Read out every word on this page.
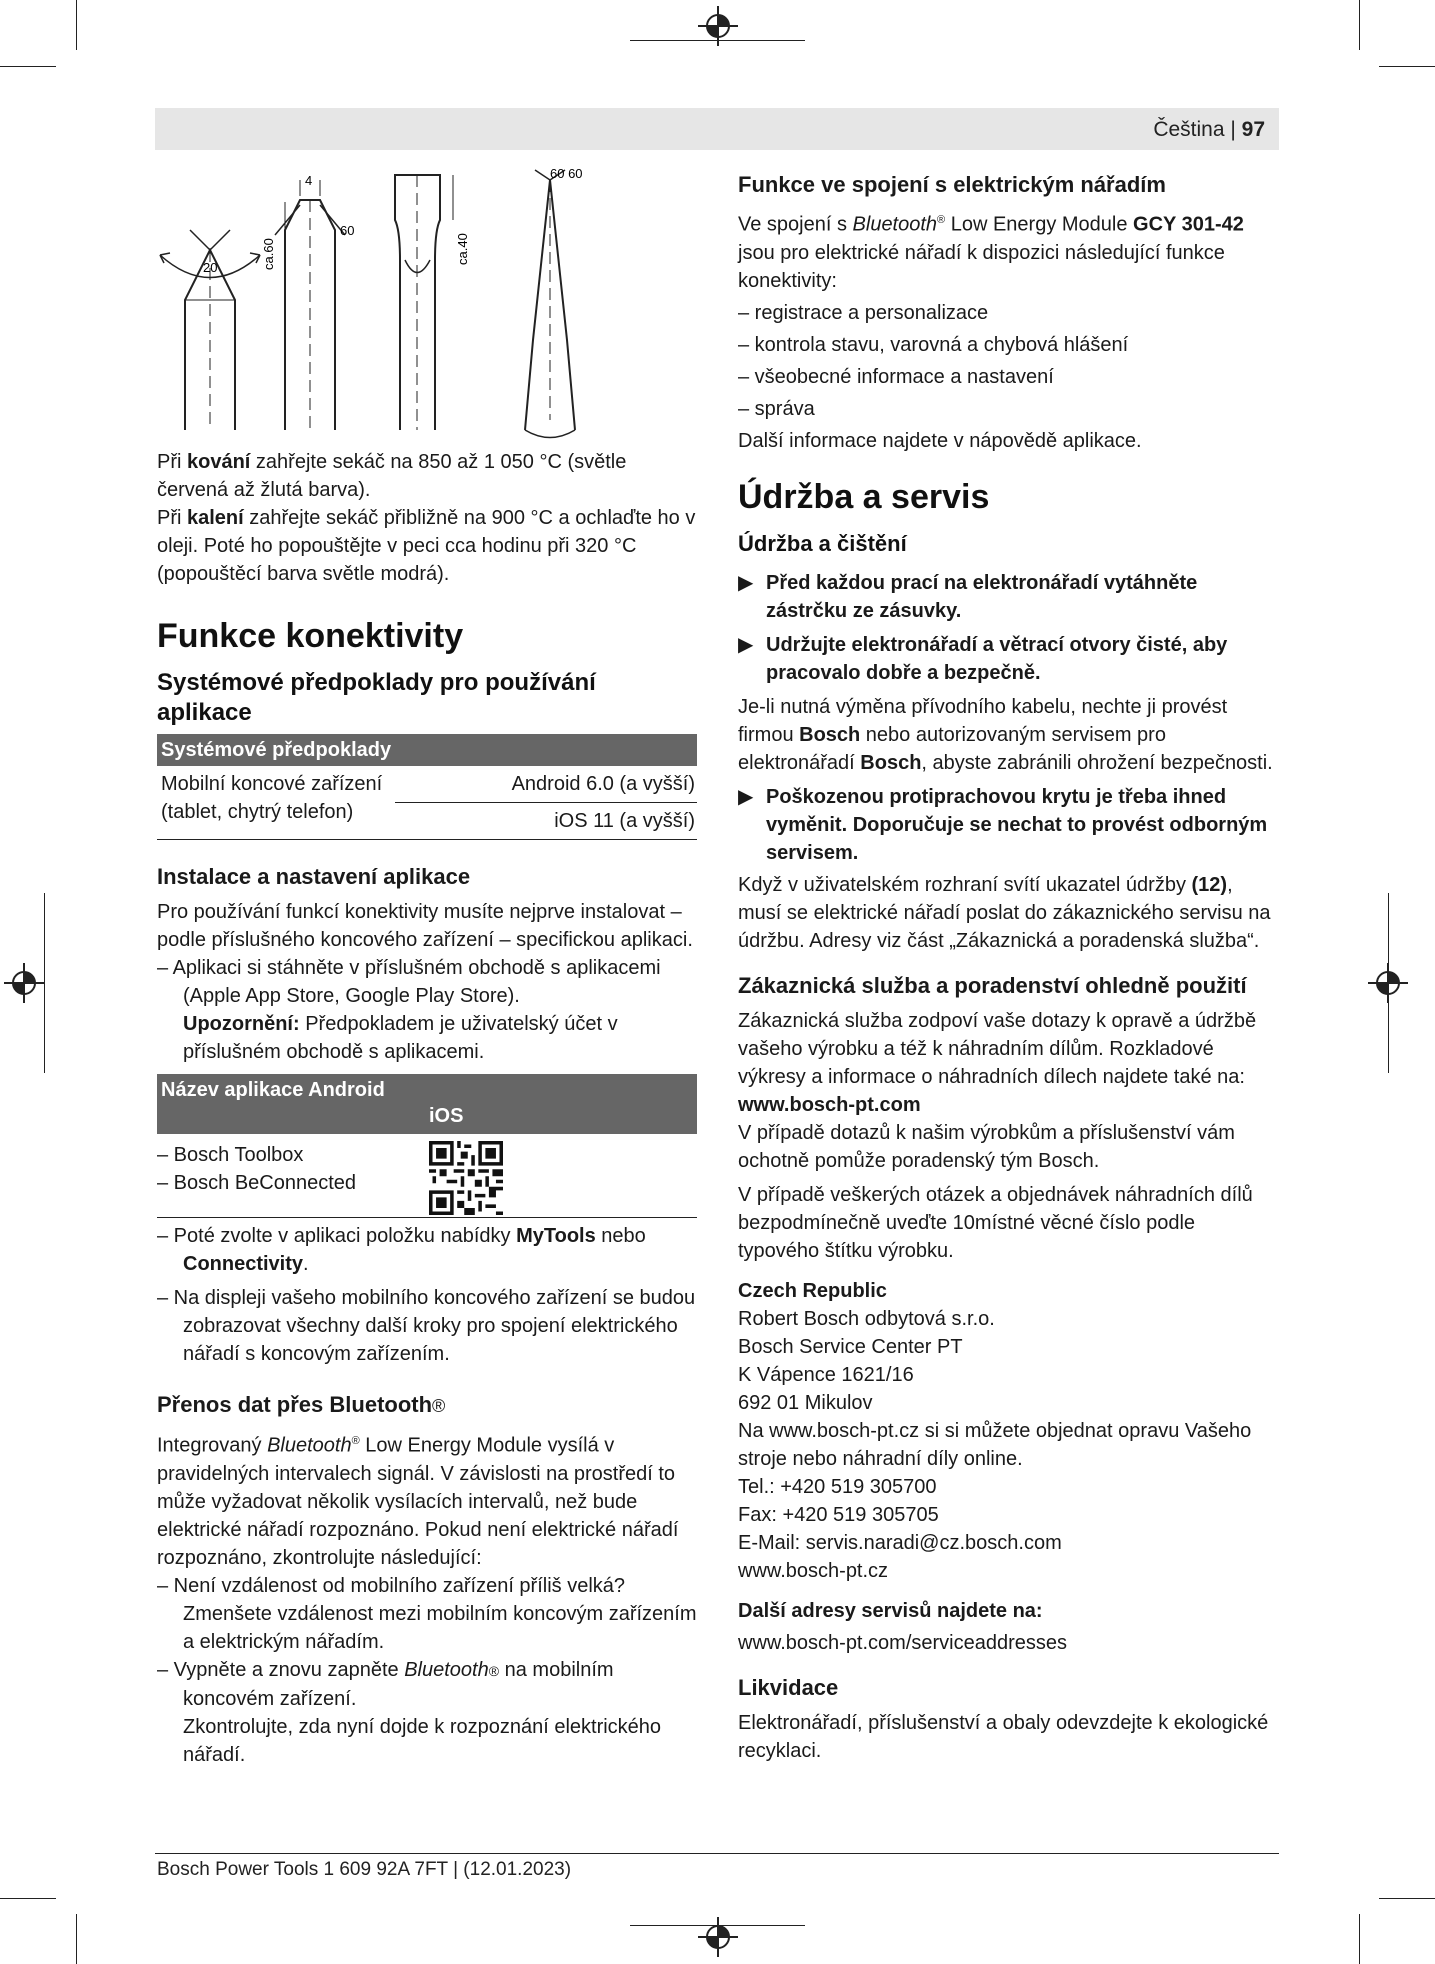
Čeština | 97
20	ca.60
4
60
ca.40
60 60

Při kování zahřejte sekáč na 850 až 1 050 °C (světle červená až žlutá barva).

Při kalení zahřejte sekáč přibližně na 900 °C a ochlaďte ho v oleji. Poté ho popouštějte v peci cca hodinu při 320 °C (popouštěcí barva světle modrá).

Funkce konektivity
Systémové předpoklady pro používání aplikace
Systémové předpoklady
Mobilní koncové zařízení (tablet, chytrý telefon)
Android 6.0 (a vyšší)
iOS 11 (a vyšší)
Instalace a nastavení aplikace

Pro používání funkcí konektivity musíte nejprve instalovat – podle příslušného koncového zařízení – specifickou aplikaci.

– Aplikaci si stáhněte v příslušném obchodě s aplikacemi (Apple App Store, Google Play Store).

Upozornění: Předpokladem je uživatelský účet v příslušném obchodě s aplikacemi.

Název aplikace Android
iOS
– Bosch Toolbox
– Bosch BeConnected

– Poté zvolte v aplikaci položku nabídky MyTools nebo Connectivity.

– Na displeji vašeho mobilního koncového zařízení se budou zobrazovat všechny další kroky pro spojení elektrického nářadí s koncovým zařízením.

Přenos dat přes Bluetooth®

Integrovaný Bluetooth® Low Energy Module vysílá v pravidelných intervalech signál. V závislosti na prostředí to může vyžadovat několik vysílacích intervalů, než bude elektrické nářadí rozpoznáno. Pokud není elektrické nářadí rozpoznáno, zkontrolujte následující:

– Není vzdálenost od mobilního zařízení příliš velká?

Zmenšete vzdálenost mezi mobilním koncovým zařízením a elektrickým nářadím.

– Vypněte a znovu zapněte Bluetooth® na mobilním koncovém zařízení.

Zkontrolujte, zda nyní dojde k rozpoznání elektrického nářadí.

Funkce ve spojení s elektrickým nářadím

Ve spojení s Bluetooth® Low Energy Module GCY 301-42 jsou pro elektrické nářadí k dispozici následující funkce konektivity:

– registrace a personalizace

– kontrola stavu, varovná a chybová hlášení

– všeobecné informace a nastavení

– správa

Další informace najdete v nápovědě aplikace.

Údržba a servis
Údržba a čištění

▶ Před každou prací na elektronářadí vytáhněte zástrčku ze zásuvky.

▶ Udržujte elektronářadí a větrací otvory čisté, aby pracovalo dobře a bezpečně.

Je-li nutná výměna přívodního kabelu, nechte ji provést firmou Bosch nebo autorizovaným servisem pro elektronářadí Bosch, abyste zabránili ohrožení bezpečnosti.

▶ Poškozenou protiprachovou krytu je třeba ihned vyměnit. Doporučuje se nechat to provést odborným servisem.

Když v uživatelském rozhraní svítí ukazatel údržby (12), musí se elektrické nářadí poslat do zákaznického servisu na údržbu. Adresy viz část „Zákaznická a poradenská služba“.

Zákaznická služba a poradenství ohledně použití

Zákaznická služba zodpoví vaše dotazy k opravě a údržbě vašeho výrobku a též k náhradním dílům. Rozkladové výkresy a informace o náhradních dílech najdete také na:

www.bosch-pt.com

V případě dotazů k našim výrobkům a příslušenství vám ochotně pomůže poradenský tým Bosch.

V případě veškerých otázek a objednávek náhradních dílů bezpodmínečně uveďte 10místné věcné číslo podle typového štítku výrobku.

Czech Republic

Robert Bosch odbytová s.r.o.

Bosch Service Center PT

K Vápence 1621/16

692 01 Mikulov

Na www.bosch-pt.cz si si můžete objednat opravu Vašeho stroje nebo náhradní díly online.

Tel.: +420 519 305700

Fax: +420 519 305705

E-Mail: servis.naradi@cz.bosch.com

www.bosch-pt.cz

Další adresy servisů najdete na:

www.bosch-pt.com/serviceaddresses

Likvidace

Elektronářadí, příslušenství a obaly odevzdejte k ekologické recyklaci.

Bosch Power Tools 1 609 92A 7FT | (12.01.2023)
